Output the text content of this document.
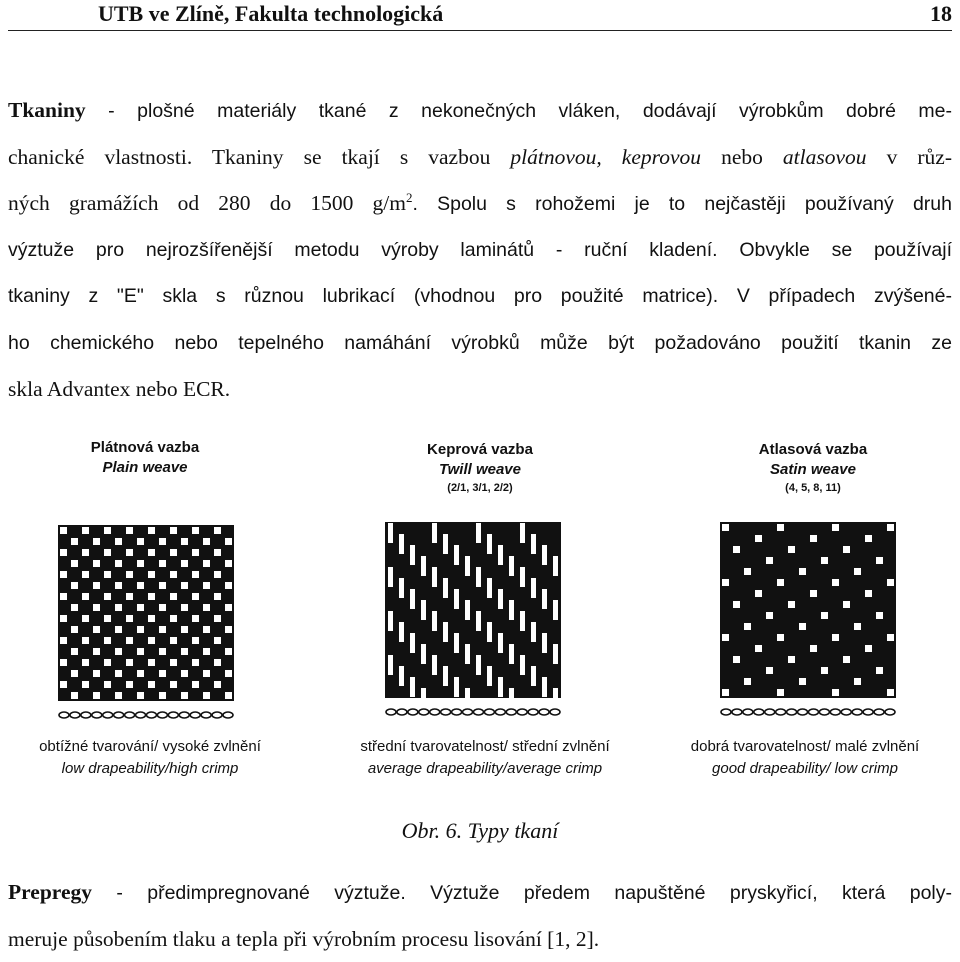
UTB ve Zlíně, Fakulta technologická	18
Tkaniny - plošné materiály tkané z nekonečných vláken, dodávají výrobkům dobré me-
chanické vlastnosti. Tkaniny se tkají s vazbou plátnovou, keprovou nebo atlasovou v růz-
ných gramážích od 280 do 1500 $g/m^2$. Spolu s rohožemi je to nejčastěji používaný druh
výztuže pro nejrozšířenější metodu výroby laminátů - ruční kladení. Obvykle se používají
tkaniny z "E" skla s různou lubrikací (vhodnou pro použité matrice). V případech zvýšené-
ho chemického nebo tepelného namáhání výrobků může být požadováno použití tkanin ze
skla Advantex nebo ECR.
Plátnová vazba
Plain weave
obtížné tvarování/ vysoké zvlnění
low drapeability/high crimp
Keprová vazba
Twill weave
(2/1, 3/1, 2/2)
střední tvarovatelnost/ střední zvlnění
average drapeability/average crimp
Atlasová vazba
Satin weave
(4, 5, 8, 11)
dobrá tvarovatelnost/ malé zvlnění
good drapeability/ low crimp
Obr. 6. Typy tkaní
Prepregy - předimpregnované výztuže. Výztuže předem napuštěné pryskyřicí, která poly-
meruje působením tlaku a tepla při výrobním procesu lisování [1, 2].
